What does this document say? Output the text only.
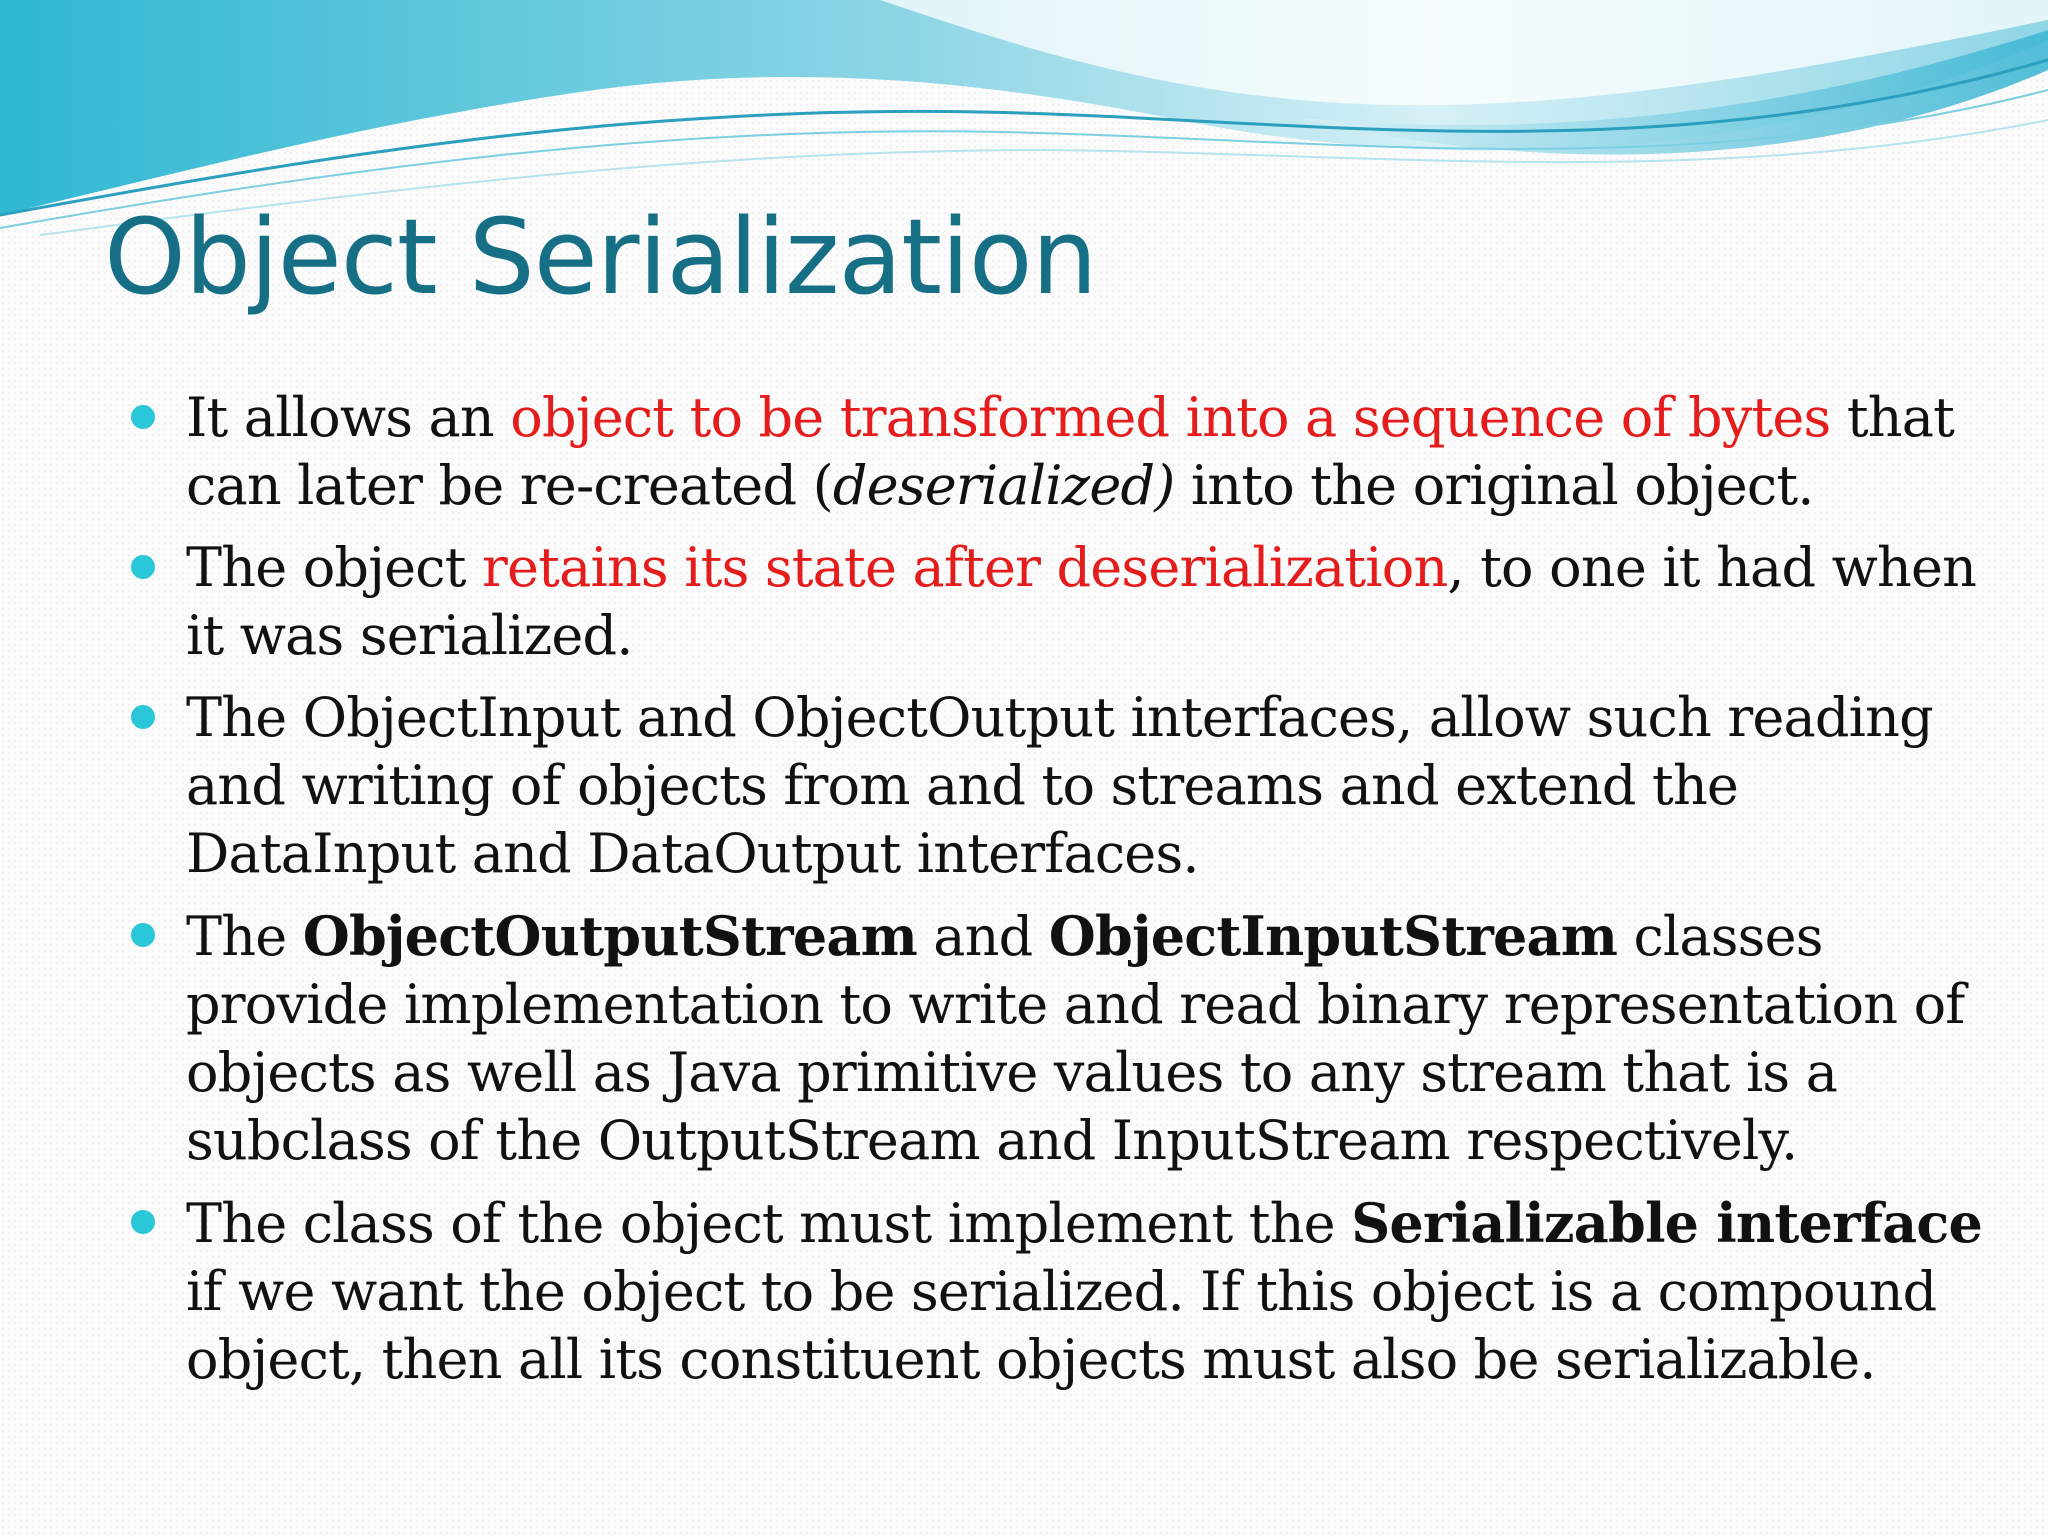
Object Serialization
It allows an object to be transformed into a sequence of bytes that can later be re-created (deserialized) into the original object.
The object retains its state after deserialization, to one it had when it was serialized.
The ObjectInput and ObjectOutput interfaces, allow such reading and writing of objects from and to streams and extend the DataInput and DataOutput interfaces.
The ObjectOutputStream and ObjectInputStream classes provide implementation to write and read binary representation of objects as well as Java primitive values to any stream that is a subclass of the OutputStream and InputStream respectively.
The class of the object must implement the Serializable interface if we want the object to be serialized. If this object is a compound object, then all its constituent objects must also be serializable.
